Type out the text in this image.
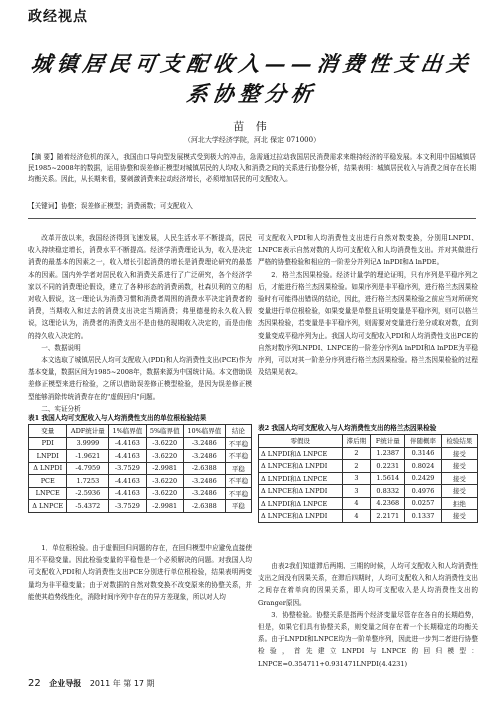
政经视点
城镇居民可支配收入——消费性支出关
系协整分析
苗 伟
（河北大学经济学院，河北 保定 071000）
【摘 要】随着经济危机的深入，我国由口导向型发展模式受到极大的冲击，急需通过拉动我国居民消费需求来维持经济的平稳发展。本文利用中国城镇居民1985~2008年的数据，运用协整和误差修正模型对城镇居民的人均收入和消费之间的关系进行协整分析，结果表明：城镇居民收入与消费之间存在长期均衡关系。因此，从长期来看，要刺激消费来拉动经济增长，必须增加居民的可支配收入。
【关键词】协整；误差修正模型；消费函数；可支配收入

改革开放以来，我国经济得到飞速发展，人民生活水平不断提高，居民收入持续稳定增长，消费水平不断提高。经济学消费理论认为，收入是决定消费的最基本的因素之一，收入增长引起消费的增长是消费理论研究的最基本的因素。国内外学者对居民收入和消费关系进行了广泛研究，各个经济学家以不同的消费理论假设，建立了各种形态的消费函数，杜森贝利的立的相对收入假说，这一理论认为消费习惯和消费者周围的消费水平决定消费者的消费，当期收入和过去的消费支出决定当期消费；弗里德曼的永久收入假说，这理论认为，消费者的消费支出不是由他的现期收入决定的，而是由他的持久收入决定的。

一、数据说明

本文选取了城镇居民人均可支配收入(PDI)和人均消费性支出(PCE)作为基本变量，数据区间为1985~2008年，数据来源为中国统计局。本文借助误差修正模型来进行检验，之所以借助误差修正模型检验，是因为误差修正模型能够消除传统消费存在的"虚假回归"问题。

二、实证分析

表1 我国人均可支配收入与人均消费性支出的单位根检验结果
变量	ADF统计量	1%临界值	5%临界值	10%临界值	结论
PDI	3.9999	-4.4163	-3.6220	-3.2486	不平稳
LNPDI	-1.9621	-4.4163	-3.6220	-3.2486	不平稳
Δ LNPDI	-4.7959	-3.7529	-2.9981	-2.6388	平稳
PCE	1.7253	-4.4163	-3.6220	-3.2486	不平稳
LNPCE	-2.5936	-4.4163	-3.6220	-3.2486	不平稳
Δ LNPCE	-5.4372	-3.7529	-2.9981	-2.6388	平稳

1．单位根检验。由于虚假回归问题的存在，在回归模型中应避免直接使用不平稳变量。因此检验变量的平稳性是一个必须解决的问题。对我国人均可支配收入PDI和人均消费性支出PCE分别进行单位根检验，结果表明两变量均为非平稳变量；由于对数据的自然对数变换不改变原来的协整关系，并能使其趋势线性化，消除时间序列中存在的异方差现象，所以对人均

可支配收入PDI和人均消费性支出进行自然对数变换，分别用LNPDI、LNPCE表示自然对数的人均可支配收入和人均消费性支出。并对其做进行严格的协整检验和相应的一阶差分并列记Δ lnPDI和Δ lnPDE。

2．格兰杰因果检验。经济计量学的理论证明，只有序列是平稳序列之后，才能进行格兰杰因果检验。如果序列是非平稳序列，进行格兰杰因果检验时有可能得出错误的结论，因此，进行格兰杰因果检验之前应当对所研究变量进行单位根检验，如果变量是单整且证明变量是平稳序列，则可以格兰杰因果检验，若变量是非平稳序列，则需要对变量进行差分或取对数，直到变量变成平稳序列为止。我国人均可支配收入PDI和人均消费性支出PCE的自然对数序列LNPDI、LNPCE的一阶差分序列Δ lnPDI和Δ lnPDE为平稳序列，可以对其一阶差分序列进行格兰杰因果检验。格兰杰因果检验的过程及结果见表2。

表2 我国人均可支配收入与人均消费性支出的格兰杰因果检验
零假设	滞后期	F统计量	伴随概率	检验结果
Δ LNPDI和Δ LNPCE	2	1.2387	0.3146	接受
Δ LNPCE和Δ LNPDI	2	0.2231	0.8024	接受
Δ LNPDI和Δ LNPCE	3	1.5614	0.2429	接受
Δ LNPCE和Δ LNPDI	3	0.8332	0.4976	接受
Δ LNPDI和Δ LNPCE	4	4.2368	0.0257	拒绝
Δ LNPCE和Δ LNPDI	4	2.2171	0.1337	接受

由表2我们知道滞后两期、三期的时候，人均可支配收入和人均消费性支出之间没有因果关系，在滞后四期时，人均可支配收入和人均消费性支出之间存在着单向的因果关系，即人均可支配收入是人均消费性支出的Granger原因。

3．协整检验。协整关系是指两个经济变量尽管存在各自的长期趋势，但是，如果它们具有协整关系，则变量之间存在着一个长期稳定的均衡关系。由于LNPDI和LNPCE均为一阶单整序列，因此进一步判二者进行协整检验，首先建立LNPDI与LNPCE的回归模型：LNPCE=0.354711+0.931471LNPDI(4.4231)

22 企业导报 2011 年 第 17 期
